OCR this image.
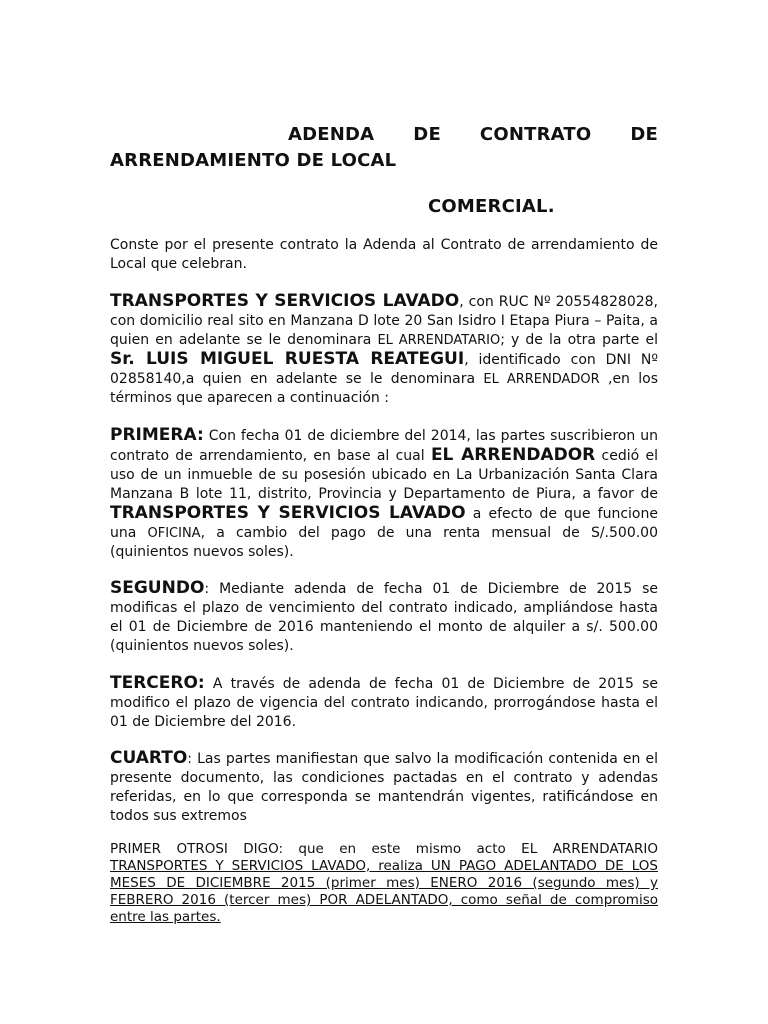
ADENDA DE CONTRATO DE
ARRENDAMIENTO DE LOCAL
COMERCIAL.

Conste por el presente contrato la Adenda al Contrato de arrendamiento de Local que celebran.

TRANSPORTES Y SERVICIOS LAVADO, con RUC Nº 20554828028, con domicilio real sito en Manzana D lote 20 San Isidro I Etapa Piura – Paita, a quien en adelante se le denominara EL ARRENDATARIO; y de la otra parte el Sr. LUIS MIGUEL RUESTA REATEGUI, identificado con DNI Nº 02858140,a quien en adelante se le denominara EL ARRENDADOR ,en los términos que aparecen a continuación :

PRIMERA: Con fecha 01 de diciembre del 2014, las partes suscribieron un contrato de arrendamiento, en base al cual EL ARRENDADOR cedió el uso de un inmueble de su posesión ubicado en La Urbanización Santa Clara Manzana B lote 11, distrito, Provincia y Departamento de Piura, a favor de TRANSPORTES Y SERVICIOS LAVADO a efecto de que funcione una OFICINA, a cambio del pago de una renta mensual de S/.500.00 (quinientos nuevos soles).

SEGUNDO: Mediante adenda de fecha 01 de Diciembre de 2015 se modificas el plazo de vencimiento del contrato indicado, ampliándose hasta el 01 de Diciembre de 2016 manteniendo el monto de alquiler a s/. 500.00 (quinientos nuevos soles).

TERCERO: A través de adenda de fecha 01 de Diciembre de 2015 se modifico el plazo de vigencia del contrato indicando, prorrogándose hasta el 01 de Diciembre del 2016.

CUARTO: Las partes manifiestan que salvo la modificación contenida en el presente documento, las condiciones pactadas en el contrato y adendas referidas, en lo que corresponda se mantendrán vigentes, ratificándose en todos sus extremos

PRIMER OTROSI DIGO: que en este mismo acto EL ARRENDATARIO TRANSPORTES Y SERVICIOS LAVADO, realiza UN PAGO ADELANTADO DE LOS MESES DE DICIEMBRE 2015 (primer mes) ENERO 2016 (segundo mes) y FEBRERO 2016 (tercer mes) POR ADELANTADO, como señal de compromiso entre las partes.
